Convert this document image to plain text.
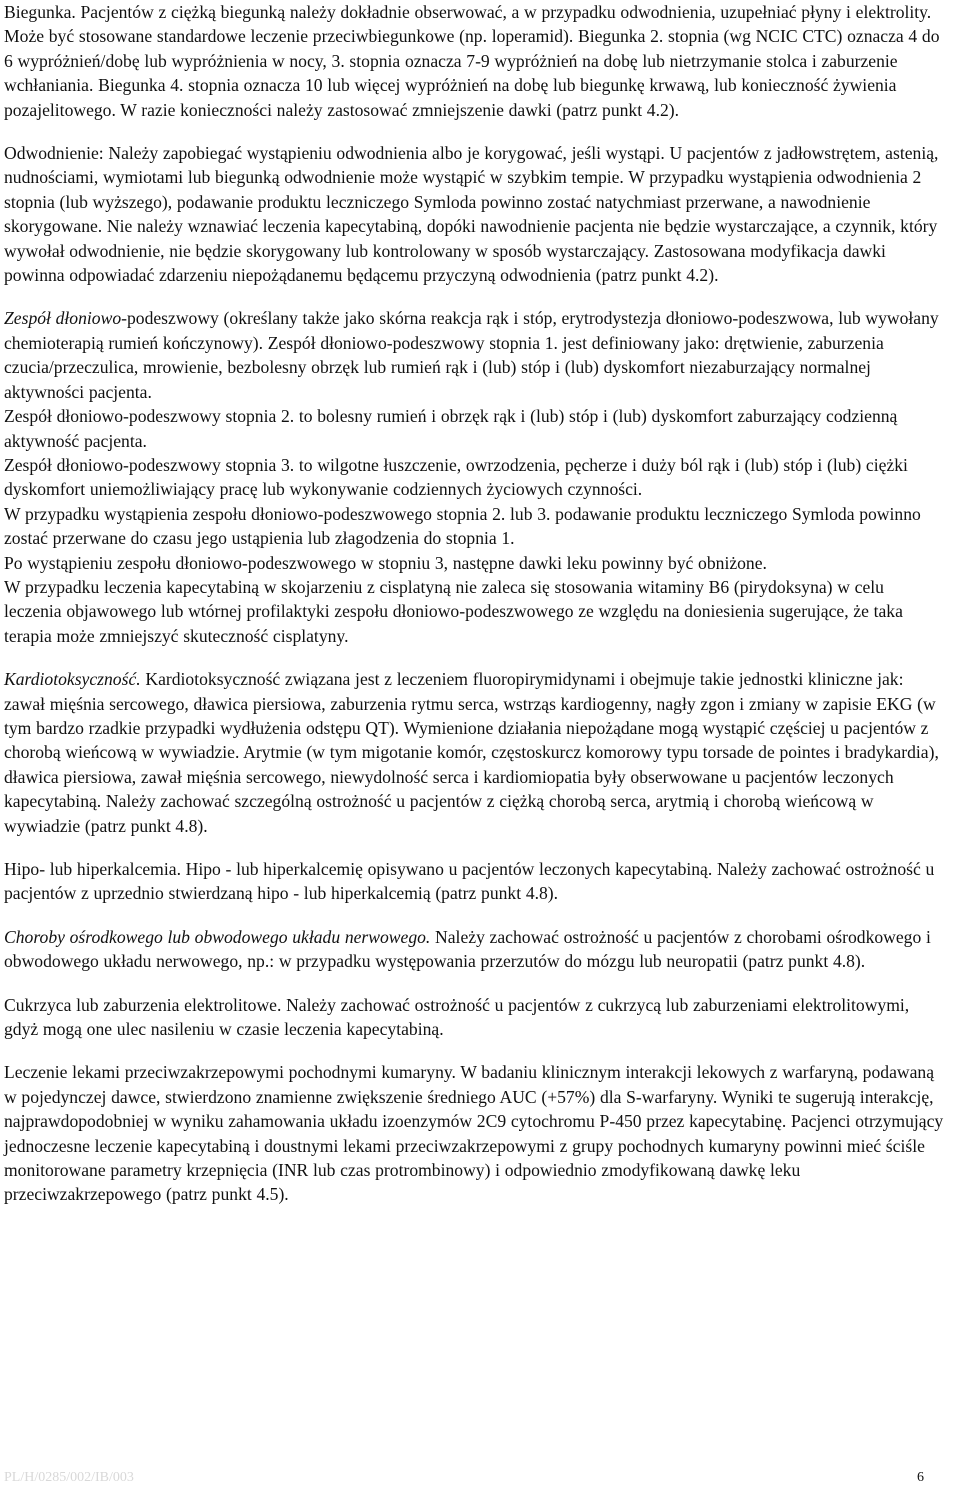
Biegunka. Pacjentów z ciężką biegunką należy dokładnie obserwować, a w przypadku odwodnienia, uzupełniać płyny i elektrolity. Może być stosowane standardowe leczenie przeciwbiegunkowe (np. loperamid). Biegunka 2. stopnia (wg NCIC CTC) oznacza 4 do 6 wypróżnień/dobę lub wypróżnienia w nocy, 3. stopnia oznacza 7-9 wypróżnień na dobę lub nietrzymanie stolca i zaburzenie wchłaniania. Biegunka 4. stopnia oznacza 10 lub więcej wypróżnień na dobę lub biegunkę krwawą, lub konieczność żywienia pozajelitowego. W razie konieczności należy zastosować zmniejszenie dawki (patrz punkt 4.2).

Odwodnienie: Należy zapobiegać wystąpieniu odwodnienia albo je korygować, jeśli wystąpi. U pacjentów z jadłowstrętem, astenią, nudnościami, wymiotami lub biegunką odwodnienie może wystąpić w szybkim tempie. W przypadku wystąpienia odwodnienia 2 stopnia (lub wyższego), podawanie produktu leczniczego Symloda powinno zostać natychmiast przerwane, a nawodnienie skorygowane. Nie należy wznawiać leczenia kapecytabiną, dopóki nawodnienie pacjenta nie będzie wystarczające, a czynnik, który wywołał odwodnienie, nie będzie skorygowany lub kontrolowany w sposób wystarczający. Zastosowana modyfikacja dawki powinna odpowiadać zdarzeniu niepożądanemu będącemu przyczyną odwodnienia (patrz punkt 4.2).

Zespół dłoniowo-podeszwowy (określany także jako skórna reakcja rąk i stóp, erytrodystezja dłoniowo-podeszwowa, lub wywołany chemioterapią rumień kończynowy). Zespół dłoniowo-podeszwowy stopnia 1. jest definiowany jako: drętwienie, zaburzenia czucia/przeczulica, mrowienie, bezbolesny obrzęk lub rumień rąk i (lub) stóp i (lub) dyskomfort niezaburzający normalnej aktywności pacjenta.

Zespół dłoniowo-podeszwowy stopnia 2. to bolesny rumień i obrzęk rąk i (lub) stóp i (lub) dyskomfort zaburzający codzienną aktywność pacjenta.

Zespół dłoniowo-podeszwowy stopnia 3. to wilgotne łuszczenie, owrzodzenia, pęcherze i duży ból rąk i (lub) stóp i (lub) ciężki dyskomfort uniemożliwiający pracę lub wykonywanie codziennych życiowych czynności.

W przypadku wystąpienia zespołu dłoniowo-podeszwowego stopnia 2. lub 3. podawanie produktu leczniczego Symloda powinno zostać przerwane do czasu jego ustąpienia lub złagodzenia do stopnia 1.

Po wystąpieniu zespołu dłoniowo-podeszwowego w stopniu 3, następne dawki leku powinny być obniżone.

W przypadku leczenia kapecytabiną w skojarzeniu z cisplatyną nie zaleca się stosowania witaminy B6 (pirydoksyna) w celu leczenia objawowego lub wtórnej profilaktyki zespołu dłoniowo-podeszwowego ze względu na doniesienia sugerujące, że taka terapia może zmniejszyć skuteczność cisplatyny.

Kardiotoksyczność. Kardiotoksyczność związana jest z leczeniem fluoropirymidynami i obejmuje takie jednostki kliniczne jak: zawał mięśnia sercowego, dławica piersiowa, zaburzenia rytmu serca, wstrząs kardiogenny, nagły zgon i zmiany w zapisie EKG (w tym bardzo rzadkie przypadki wydłużenia odstępu QT). Wymienione działania niepożądane mogą wystąpić częściej u pacjentów z chorobą wieńcową w wywiadzie. Arytmie (w tym migotanie komór, częstoskurcz komorowy typu torsade de pointes i bradykardia), dławica piersiowa, zawał mięśnia sercowego, niewydolność serca i kardiomiopatia były obserwowane u pacjentów leczonych kapecytabiną. Należy zachować szczególną ostrożność u pacjentów z ciężką chorobą serca, arytmią i chorobą wieńcową w wywiadzie (patrz punkt 4.8).

Hipo- lub hiperkalcemia. Hipo - lub hiperkalcemię opisywano u pacjentów leczonych kapecytabiną. Należy zachować ostrożność u pacjentów z uprzednio stwierdzaną hipo - lub hiperkalcemią (patrz punkt 4.8).

Choroby ośrodkowego lub obwodowego układu nerwowego. Należy zachować ostrożność u pacjentów z chorobami ośrodkowego i obwodowego układu nerwowego, np.: w przypadku występowania przerzutów do mózgu lub neuropatii (patrz punkt 4.8).

Cukrzyca lub zaburzenia elektrolitowe. Należy zachować ostrożność u pacjentów z cukrzycą lub zaburzeniami elektrolitowymi, gdyż mogą one ulec nasileniu w czasie leczenia kapecytabiną.

Leczenie lekami przeciwzakrzepowymi pochodnymi kumaryny. W badaniu klinicznym interakcji lekowych z warfaryną, podawaną w pojedynczej dawce, stwierdzono znamienne zwiększenie średniego AUC (+57%) dla S-warfaryny. Wyniki te sugerują interakcję, najprawdopodobniej w wyniku zahamowania układu izoenzymów 2C9 cytochromu P-450 przez kapecytabinę. Pacjenci otrzymujący jednoczesne leczenie kapecytabiną i doustnymi lekami przeciwzakrzepowymi z grupy pochodnych kumaryny powinni mieć ściśle monitorowane parametry krzepnięcia (INR lub czas protrombinowy) i odpowiednio zmodyfikowaną dawkę leku przeciwzakrzepowego (patrz punkt 4.5).

PL/H/0285/002/IB/003	6
